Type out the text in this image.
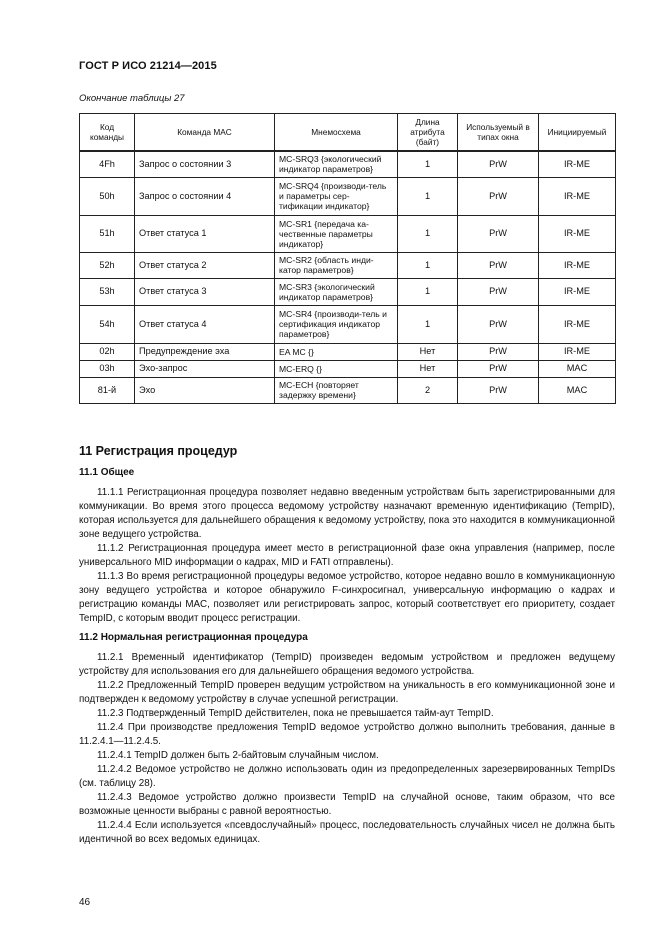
ГОСТ Р ИСО 21214—2015
Окончание таблицы 27
Код команды	Команда MAC	Мнемосхема	Длина атрибута (байт)	Используемый в типах окна	Инициируемый
4Fh	Запрос о состоянии 3	MC-SRQ3 {экологический индикатор параметров}	1	PrW	IR-ME
50h	Запрос о состоянии 4	MC-SRQ4 {производи-тель и параметры сер-тификации индикатор}	1	PrW	IR-ME
51h	Ответ статуса 1	MC-SR1 {передача ка-чественные параметры индикатор}	1	PrW	IR-ME
52h	Ответ статуса 2	MC-SR2 {область инди-катор параметров}	1	PrW	IR-ME
53h	Ответ статуса 3	MC-SR3 {экологический индикатор параметров}	1	PrW	IR-ME
54h	Ответ статуса 4	MC-SR4 {производи-тель и сертификация индикатор параметров}	1	PrW	IR-ME
02h	Предупреждение эха	EA MC {}	Нет	PrW	IR-ME
03h	Эхо-запрос	MC-ERQ {}	Нет	PrW	MAC
81-й	Эхо	MC-ECH {повторяет задержку времени}	2	PrW	MAC
11 Регистрация процедур
11.1 Общее

11.1.1 Регистрационная процедура позволяет недавно введенным устройствам быть зарегистрированными для коммуникации. Во время этого процесса ведомому устройству назначают временную идентификацию (TempID), которая используется для дальнейшего обращения к ведомому устройству, пока это находится в коммуникационной зоне ведущего устройства.

11.1.2 Регистрационная процедура имеет место в регистрационной фазе окна управления (например, после универсального MID информации о кадрах, MID и FATI отправлены).

11.1.3 Во время регистрационной процедуры ведомое устройство, которое недавно вошло в коммуникационную зону ведущего устройства и которое обнаружило F-синхросигнал, универсальную информацию о кадрах и регистрацию команды MAC, позволяет или регистрировать запрос, который соответствует его приоритету, создает TempID, с которым вводит процесс регистрации.

11.2 Нормальная регистрационная процедура

11.2.1 Временный идентификатор (TempID) произведен ведомым устройством и предложен ведущему устройству для использования его для дальнейшего обращения ведомого устройства.

11.2.2 Предложенный TempID проверен ведущим устройством на уникальность в его коммуникационной зоне и подтвержден к ведомому устройству в случае успешной регистрации.

11.2.3 Подтвержденный TempID действителен, пока не превышается тайм-аут TempID.

11.2.4 При производстве предложения TempID ведомое устройство должно выполнить требования, данные в 11.2.4.1—11.2.4.5.

11.2.4.1 TempID должен быть 2-байтовым случайным числом.

11.2.4.2 Ведомое устройство не должно использовать один из предопределенных зарезервированных TempIDs (см. таблицу 28).

11.2.4.3 Ведомое устройство должно произвести TempID на случайной основе, таким образом, что все возможные ценности выбраны с равной вероятностью.

11.2.4.4 Если используется «псевдослучайный» процесс, последовательность случайных чисел не должна быть идентичной во всех ведомых единицах.

46
